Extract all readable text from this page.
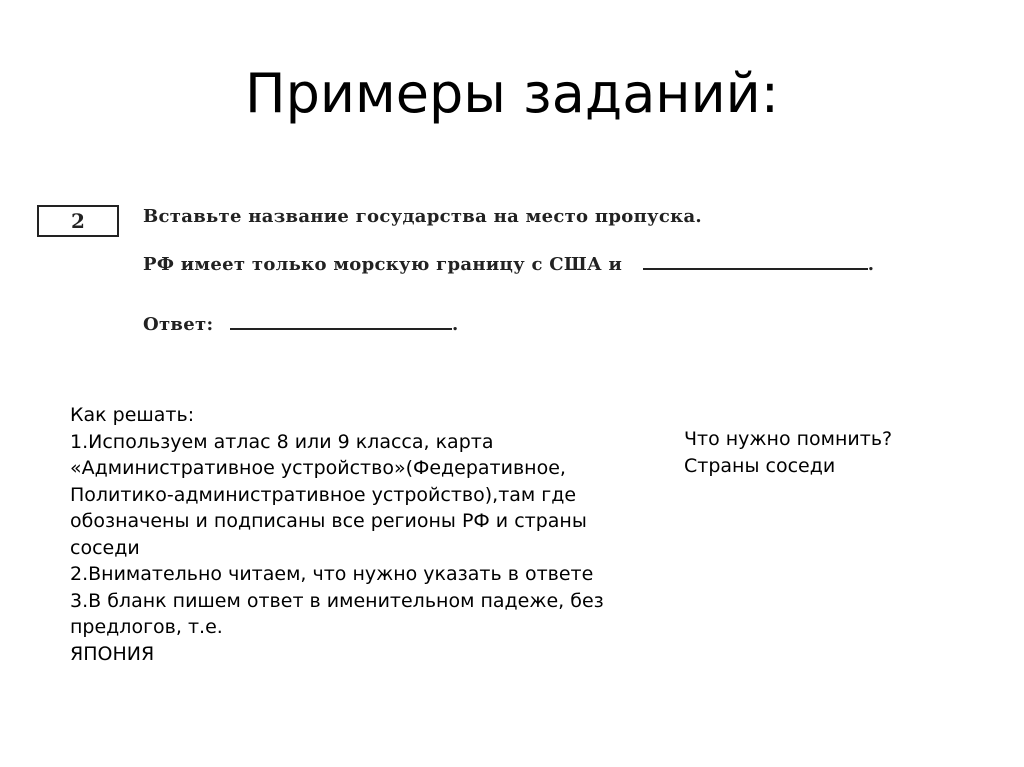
Примеры заданий:
2	Вставьте название государства на место пропуска.
РФ имеет только морскую границу с США и	.
Ответ:	.
Как решать:
1.Используем атлас 8 или 9 класса, карта
«Административное устройство»(Федеративное,
Политико-административное устройство),там где
обозначены и подписаны все регионы РФ и страны
соседи
2.Внимательно читаем, что нужно указать в ответе
3.В бланк пишем ответ в именительном падеже, без
предлогов, т.е.
ЯПОНИЯ
Что нужно помнить?
Страны соседи
